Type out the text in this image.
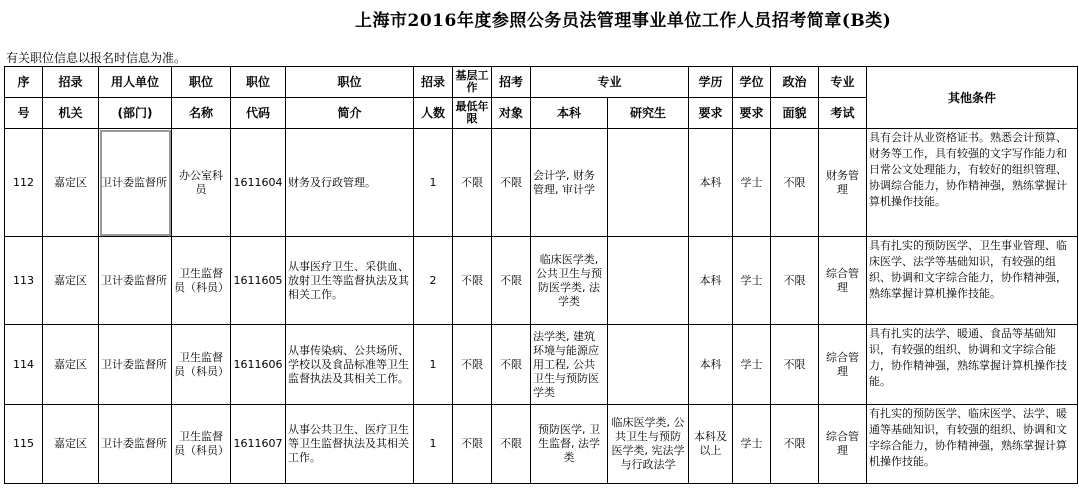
上海市2016年度参照公务员法管理事业单位工作人员招考简章(B类)
有关职位信息以报名时信息为准。
序	招录	用人单位	职位	职位	职位	招录	基层工作	招考	专业		学历	学位	政治	专业	其他条件
号	机关	(部门)	名称	代码	简介	人数	最低年限	对象	本科	研究生	要求	要求	面貌	考试	
112	嘉定区	卫计委监督所	办公室科员	1611604	财务及行政管理。	1	不限	不限	会计学, 财务管理, 审计学		本科	学士	不限	财务管理	具有会计从业资格证书。熟悉会计预算、财务等工作，具有较强的文字写作能力和日常公文处理能力，有较好的组织管理、协调综合能力，协作精神强，熟练掌握计算机操作技能。
113	嘉定区	卫计委监督所	卫生监督员（科员）	1611605	从事医疗卫生、采供血、放射卫生等监督执法及其相关工作。	2	不限	不限	临床医学类, 公共卫生与预防医学类, 法学类		本科	学士	不限	综合管理	具有扎实的预防医学、卫生事业管理、临床医学、法学等基础知识，有较强的组织、协调和文字综合能力，协作精神强，熟练掌握计算机操作技能。
114	嘉定区	卫计委监督所	卫生监督员（科员）	1611606	从事传染病、公共场所、学校以及食品标准等卫生监督执法及其相关工作。	1	不限	不限	法学类, 建筑环境与能源应用工程, 公共卫生与预防医学类		本科	学士	不限	综合管理	具有扎实的法学、暖通、食品等基础知识，有较强的组织、协调和文字综合能力，协作精神强，熟练掌握计算机操作技能。
115	嘉定区	卫计委监督所	卫生监督员（科员）	1611607	从事公共卫生、医疗卫生等卫生监督执法及其相关工作。	1	不限	不限	预防医学, 卫生监督, 法学类	临床医学类, 公共卫生与预防医学类, 宪法学与行政法学	本科及以上	学士	不限	综合管理	有扎实的预防医学、临床医学、法学、暖通等基础知识，有较强的组织、协调和文字综合能力，协作精神强，熟练掌握计算机操作技能。
